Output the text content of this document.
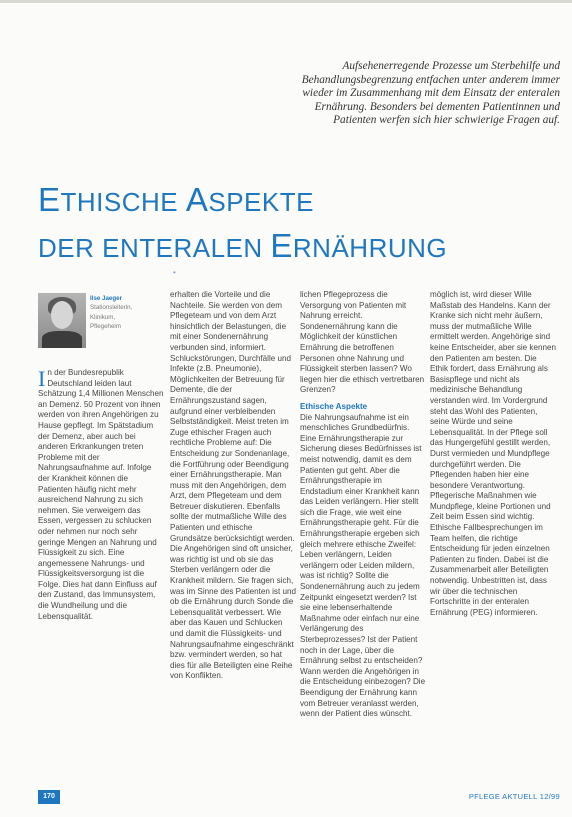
Aufsehenerregende Prozesse um Sterbehilfe und Behandlungsbegrenzung entfachen unter anderem immer wieder im Zusammenhang mit dem Einsatz der enteralen Ernährung. Besonders bei dementen Patientinnen und Patienten werfen sich hier schwierige Fragen auf.
ETHISCHE ASPEKTE
DER ENTERALEN ERNÄHRUNG
•
Ilse Jaeger
Stationsleiterin, Klinikum, Pflegeheim
In der Bundesrepublik Deutschland leiden laut Schätzung 1,4 Millionen Menschen an Demenz. 50 Prozent von ihnen werden von ihren Angehörigen zu Hause gepflegt. Im Spätstadium der Demenz, aber auch bei anderen Erkrankungen treten Probleme mit der Nahrungsaufnahme auf. Infolge der Krankheit können die Patienten häufig nicht mehr ausreichend Nahrung zu sich nehmen. Sie verweigern das Essen, vergessen zu schlucken oder nehmen nur noch sehr geringe Mengen an Nahrung und Flüssigkeit zu sich. Eine angemessene Nahrungs- und Flüssigkeitsversorgung ist die Folge. Dies hat dann Einfluss auf den Zustand, das Immunsystem, die Wundheilung und die Lebensqualität.

erhalten die Vorteile und die Nachteile. Sie werden von dem Pflegeteam und von dem Arzt hinsichtlich der Belastungen, die mit einer Sondenernährung verbunden sind, informiert. Schluckstörungen, Durchfälle und Infekte (z.B. Pneumonie), Möglichkeiten der Betreuung für Demente, die der Ernährungszustand sagen, aufgrund einer verbleibenden Selbstständigkeit. Meist treten im Zuge ethischer Fragen auch rechtliche Probleme auf: Die Entscheidung zur Sondenanlage, die Fortführung oder Beendigung einer Ernährungstherapie. Man muss mit den Angehörigen, dem Arzt, dem Pflegeteam und dem Betreuer diskutieren. Ebenfalls sollte der mutmaßliche Wille des Patienten und ethische Grundsätze berücksichtigt werden. Die Angehörigen sind oft unsicher, was richtig ist und ob sie das Sterben verlängern oder die Krankheit mildern. Sie fragen sich, was im Sinne des Patienten ist und ob die Ernährung durch Sonde die Lebensqualität verbessert. Wie aber das Kauen und Schlucken und damit die Flüssigkeits- und Nahrungsaufnahme eingeschränkt bzw. vermindert werden, so hat dies für alle Beteiligten eine Reihe von Konflikten.

lichen Pflegeprozess die Versorgung von Patienten mit Nahrung erreicht. Sondenernährung kann die Möglichkeit der künstlichen Ernährung die betroffenen Personen ohne Nahrung und Flüssigkeit sterben lassen? Wo liegen hier die ethisch vertretbaren Grenzen?

Ethische Aspekte

Die Nahrungsaufnahme ist ein menschliches Grundbedürfnis. Eine Ernährungstherapie zur Sicherung dieses Bedürfnisses ist meist notwendig, damit es dem Patienten gut geht. Aber die Ernährungstherapie im Endstadium einer Krankheit kann das Leiden verlängern. Hier stellt sich die Frage, wie weit eine Ernährungstherapie geht. Für die Ernährungstherapie ergeben sich gleich mehrere ethische Zweifel: Leben verlängern, Leiden verlängern oder Leiden mildern, was ist richtig? Sollte die Sondenernährung auch zu jedem Zeitpunkt eingesetzt werden? Ist sie eine lebenserhaltende Maßnahme oder einfach nur eine Verlängerung des Sterbeprozesses? Ist der Patient noch in der Lage, über die Ernährung selbst zu entscheiden? Wann werden die Angehörigen in die Entscheidung einbezogen? Die Beendigung der Ernährung kann vom Betreuer veranlasst werden, wenn der Patient dies wünscht.

möglich ist, wird dieser Wille Maßstab des Handelns. Kann der Kranke sich nicht mehr äußern, muss der mutmaßliche Wille ermittelt werden. Angehörige sind keine Entscheider, aber sie kennen den Patienten am besten. Die Ethik fordert, dass Ernährung als Basispflege und nicht als medizinische Behandlung verstanden wird. Im Vordergrund steht das Wohl des Patienten, seine Würde und seine Lebensqualität. In der Pflege soll das Hungergefühl gestillt werden, Durst vermieden und Mundpflege durchgeführt werden. Die Pflegenden haben hier eine besondere Verantwortung. Pflegerische Maßnahmen wie Mundpflege, kleine Portionen und Zeit beim Essen sind wichtig. Ethische Fallbesprechungen im Team helfen, die richtige Entscheidung für jeden einzelnen Patienten zu finden. Dabei ist die Zusammenarbeit aller Beteiligten notwendig. Unbestritten ist, dass wir über die technischen Fortschritte in der enteralen Ernährung (PEG) informieren.

170	PFLEGE AKTUELL 12/99
